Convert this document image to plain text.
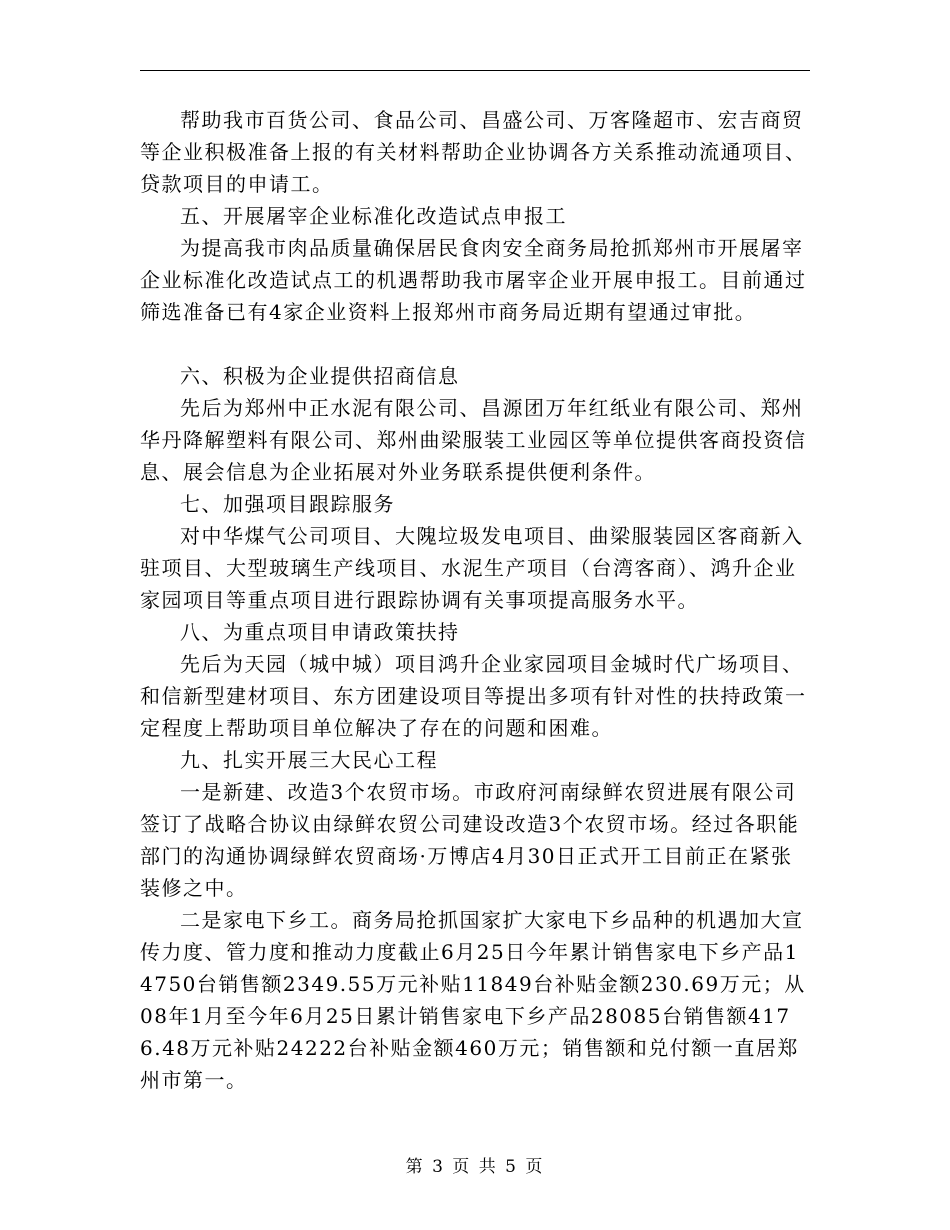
帮助我市百货公司、食品公司、昌盛公司、万客隆超市、宏吉商贸等企业积极准备上报的有关材料帮助企业协调各方关系推动流通项目、贷款项目的申请工。

五、开展屠宰企业标准化改造试点申报工

为提高我市肉品质量确保居民食肉安全商务局抢抓郑州市开展屠宰企业标准化改造试点工的机遇帮助我市屠宰企业开展申报工。目前通过筛选准备已有4家企业资料上报郑州市商务局近期有望通过审批。

六、积极为企业提供招商信息

先后为郑州中正水泥有限公司、昌源团万年红纸业有限公司、郑州华丹降解塑料有限公司、郑州曲梁服装工业园区等单位提供客商投资信息、展会信息为企业拓展对外业务联系提供便利条件。

七、加强项目跟踪服务

对中华煤气公司项目、大隗垃圾发电项目、曲梁服装园区客商新入驻项目、大型玻璃生产线项目、水泥生产项目（台湾客商）、鸿升企业家园项目等重点项目进行跟踪协调有关事项提高服务水平。

八、为重点项目申请政策扶持

先后为天园（城中城）项目鸿升企业家园项目金城时代广场项目、和信新型建材项目、东方团建设项目等提出多项有针对性的扶持政策一定程度上帮助项目单位解决了存在的问题和困难。

九、扎实开展三大民心工程

一是新建、改造3个农贸市场。市政府河南绿鲜农贸进展有限公司签订了战略合协议由绿鲜农贸公司建设改造3个农贸市场。经过各职能部门的沟通协调绿鲜农贸商场·万博店4月30日正式开工目前正在紧张装修之中。

二是家电下乡工。商务局抢抓国家扩大家电下乡品种的机遇加大宣传力度、管力度和推动力度截止6月25日今年累计销售家电下乡产品14750台销售额2349.55万元补贴11849台补贴金额230.69万元；从08年1月至今年6月25日累计销售家电下乡产品28085台销售额4176.48万元补贴24222台补贴金额460万元；销售额和兑付额一直居郑州市第一。

第 3 页 共 5 页
